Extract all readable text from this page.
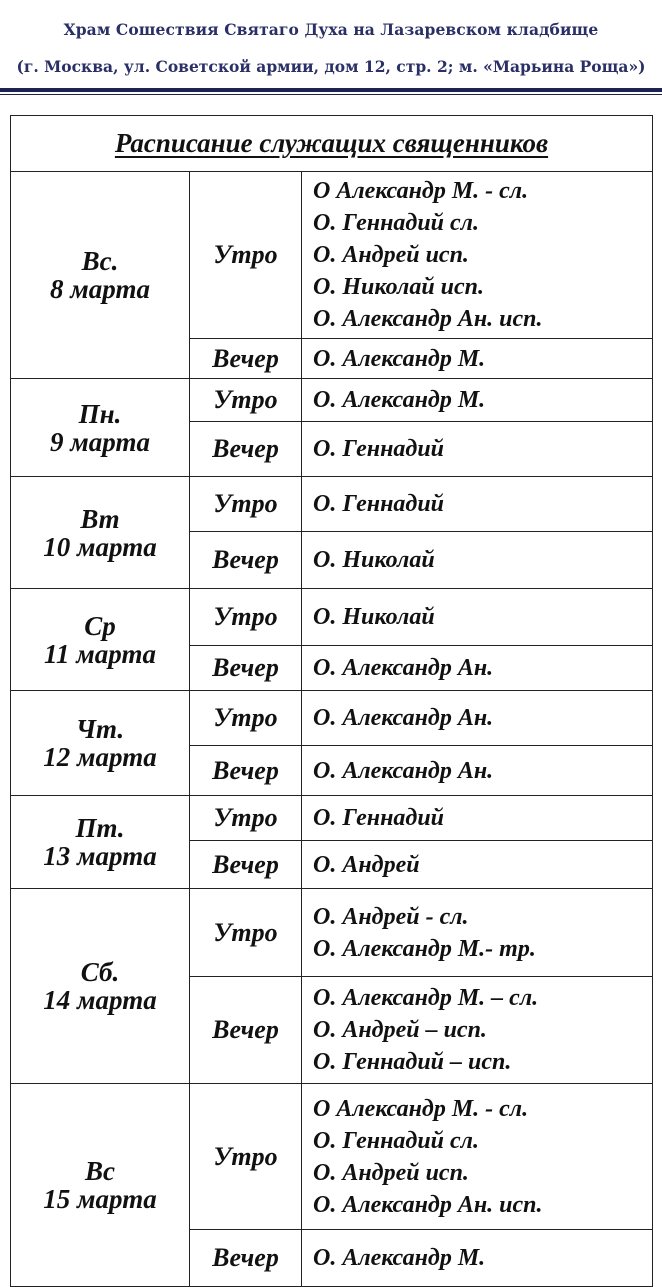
Храм Сошествия Святаго Духа на Лазаревском кладбище
(г. Москва, ул. Советской армии, дом 12, стр. 2; м. «Марьина Роща»)
Расписание служащих священников		

Вс.
8 марта	Утро	О Александр М. - сл.
О. Геннадий сл.
О. Андрей исп.
О. Николай исп.
О. Александр Ан. исп.

	Вечер	О. Александр М.

Пн.
9 марта	Утро	О. Александр М.

	Вечер	О. Геннадий

Вт
10 марта	Утро	О. Геннадий

	Вечер	О. Николай

Ср
11 марта	Утро	О. Николай

	Вечер	О. Александр Ан.

Чт.
12 марта	Утро	О. Александр Ан.

	Вечер	О. Александр Ан.

Пт.
13 марта	Утро	О. Геннадий

	Вечер	О. Андрей

Сб.
14 марта	Утро	О. Андрей - сл.
О. Александр М.- тр.

	Вечер	О. Александр М. – сл.
О. Андрей – исп.
О. Геннадий – исп.

Вс
15 марта	Утро	О Александр М. - сл.
О. Геннадий сл.
О. Андрей исп.
О. Александр Ан. исп.

	Вечер	О. Александр М.
